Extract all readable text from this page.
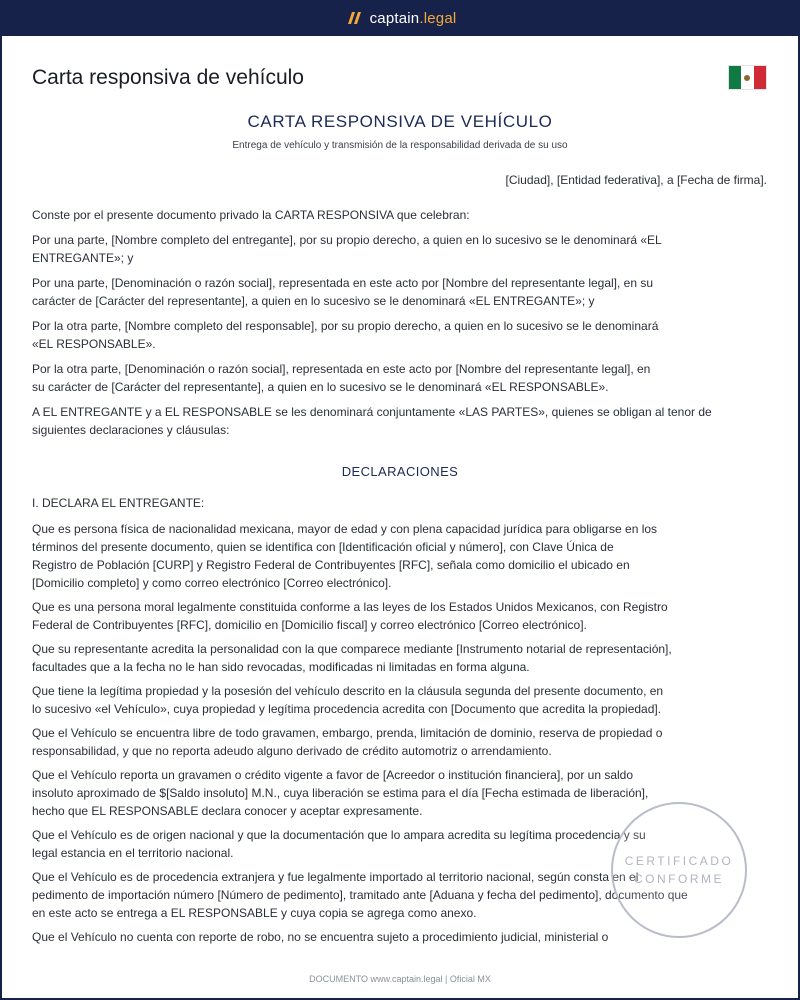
captain.legal
Carta responsiva de vehículo
CARTA RESPONSIVA DE VEHÍCULO
Entrega de vehículo y transmisión de la responsabilidad derivada de su uso
[Ciudad], [Entidad federativa], a [Fecha de firma].

Conste por el presente documento privado la CARTA RESPONSIVA que celebran:

Por una parte, [Nombre completo del entregante], por su propio derecho, a quien en lo sucesivo se le denominará «EL
ENTREGANTE»; y

Por una parte, [Denominación o razón social], representada en este acto por [Nombre del representante legal], en su
carácter de [Carácter del representante], a quien en lo sucesivo se le denominará «EL ENTREGANTE»; y

Por la otra parte, [Nombre completo del responsable], por su propio derecho, a quien en lo sucesivo se le denominará
«EL RESPONSABLE».

Por la otra parte, [Denominación o razón social], representada en este acto por [Nombre del representante legal], en
su carácter de [Carácter del representante], a quien en lo sucesivo se le denominará «EL RESPONSABLE».

A EL ENTREGANTE y a EL RESPONSABLE se les denominará conjuntamente «LAS PARTES», quienes se obligan al tenor de
siguientes declaraciones y cláusulas:

DECLARACIONES

I. DECLARA EL ENTREGANTE:

Que es persona física de nacionalidad mexicana, mayor de edad y con plena capacidad jurídica para obligarse en los
términos del presente documento, quien se identifica con [Identificación oficial y número], con Clave Única de
Registro de Población [CURP] y Registro Federal de Contribuyentes [RFC], señala como domicilio el ubicado en
[Domicilio completo] y como correo electrónico [Correo electrónico].

Que es una persona moral legalmente constituida conforme a las leyes de los Estados Unidos Mexicanos, con Registro
Federal de Contribuyentes [RFC], domicilio en [Domicilio fiscal] y correo electrónico [Correo electrónico].

Que su representante acredita la personalidad con la que comparece mediante [Instrumento notarial de representación],
facultades que a la fecha no le han sido revocadas, modificadas ni limitadas en forma alguna.

Que tiene la legítima propiedad y la posesión del vehículo descrito en la cláusula segunda del presente documento, en
lo sucesivo «el Vehículo», cuya propiedad y legítima procedencia acredita con [Documento que acredita la propiedad].

Que el Vehículo se encuentra libre de todo gravamen, embargo, prenda, limitación de dominio, reserva de propiedad o
responsabilidad, y que no reporta adeudo alguno derivado de crédito automotriz o arrendamiento.

Que el Vehículo reporta un gravamen o crédito vigente a favor de [Acreedor o institución financiera], por un saldo
insoluto aproximado de $[Saldo insoluto] M.N., cuya liberación se estima para el día [Fecha estimada de liberación],
hecho que EL RESPONSABLE declara conocer y aceptar expresamente.

Que el Vehículo es de origen nacional y que la documentación que lo ampara acredita su legítima procedencia y su
legal estancia en el territorio nacional.

Que el Vehículo es de procedencia extranjera y fue legalmente importado al territorio nacional, según consta en el
pedimento de importación número [Número de pedimento], tramitado ante [Aduana y fecha del pedimento], documento que
en este acto se entrega a EL RESPONSABLE y cuya copia se agrega como anexo.

Que el Vehículo no cuenta con reporte de robo, no se encuentra sujeto a procedimiento judicial, ministerial o

CERTIFICADO
CONFORME
DOCUMENTO www.captain.legal | Oficial MX
